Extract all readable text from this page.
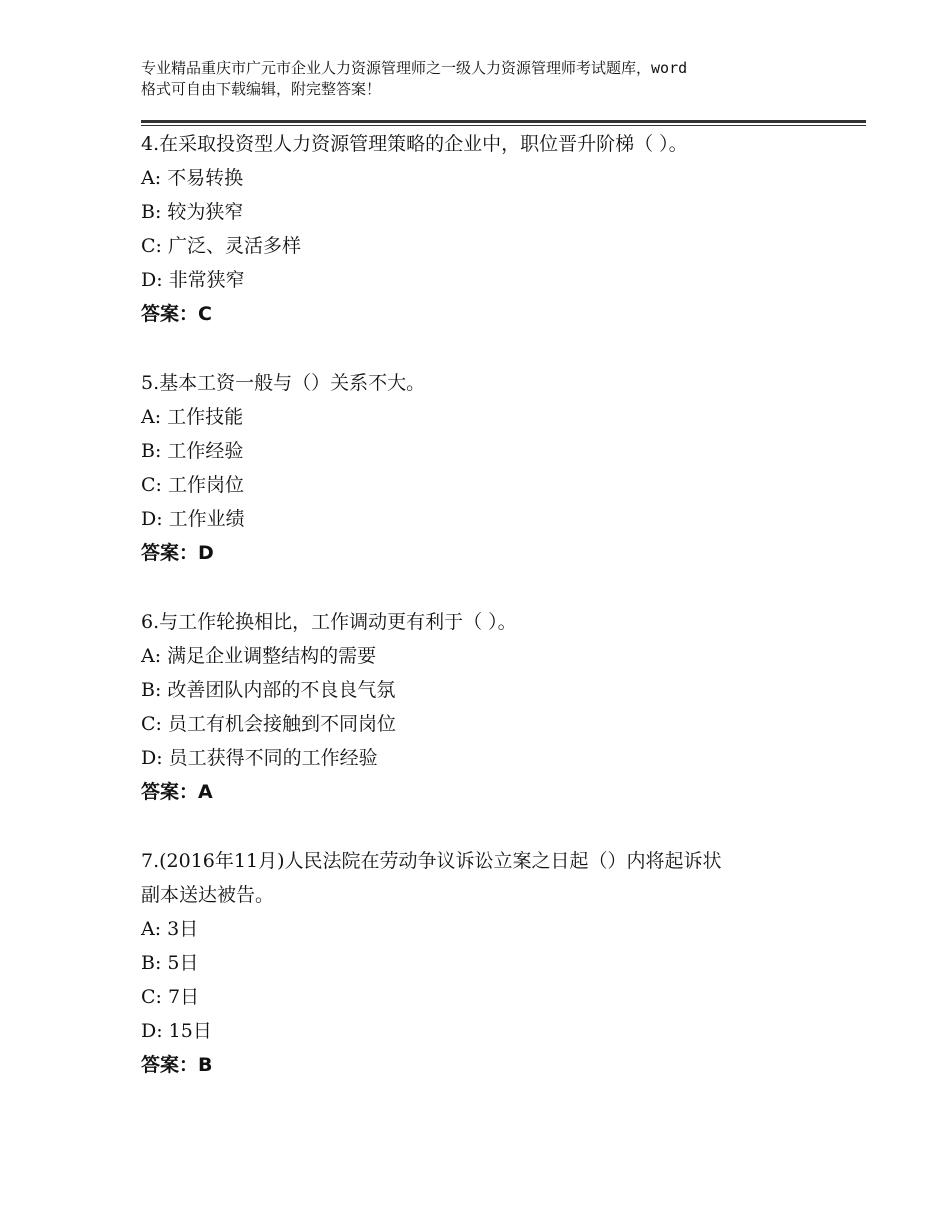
专业精品重庆市广元市企业人力资源管理师之一级人力资源管理师考试题库，word
格式可自由下载编辑，附完整答案！
4.在采取投资型人力资源管理策略的企业中，职位晋升阶梯（ ）。
A: 不易转换
B: 较为狭窄
C: 广泛、灵活多样
D: 非常狭窄
答案：C
5.基本工资一般与（）关系不大。
A: 工作技能
B: 工作经验
C: 工作岗位
D: 工作业绩
答案：D
6.与工作轮换相比，工作调动更有利于（ ）。
A: 满足企业调整结构的需要
B: 改善团队内部的不良良气氛
C: 员工有机会接触到不同岗位
D: 员工获得不同的工作经验
答案：A
7.(2016年11月)人民法院在劳动争议诉讼立案之日起（）内将起诉状
副本送达被告。
A: 3日
B: 5日
C: 7日
D: 15日
答案：B
